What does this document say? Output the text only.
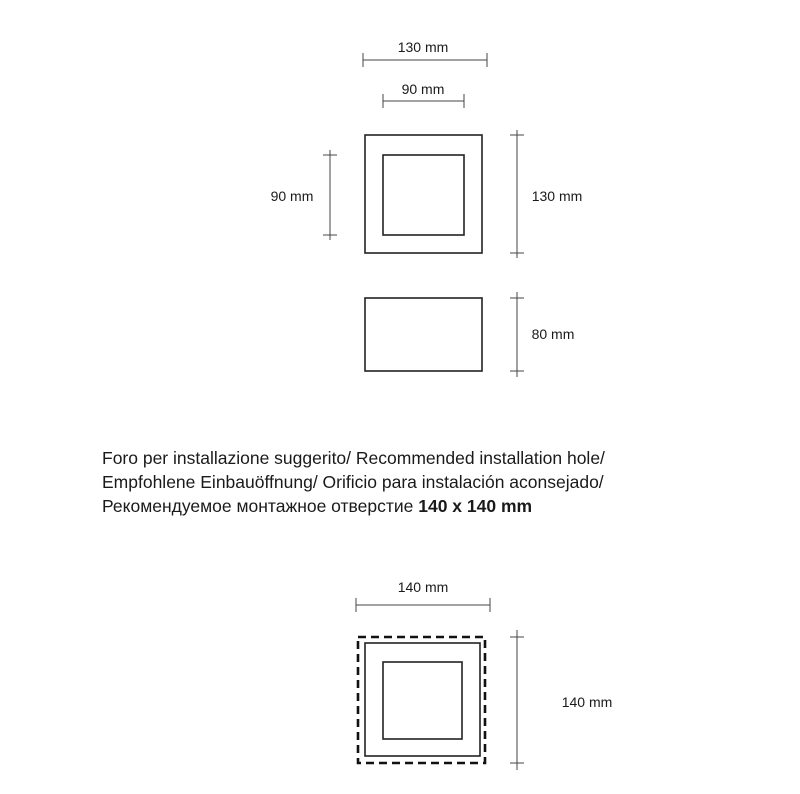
130 mm
90 mm
90 mm	130 mm
80 mm
140 mm
140 mm
Foro per installazione suggerito/ Recommended installation hole/
Empfohlene Einbauöffnung/ Orificio para instalación aconsejado/
Рекомендуемое монтажное отверстие 140 x 140 mm
